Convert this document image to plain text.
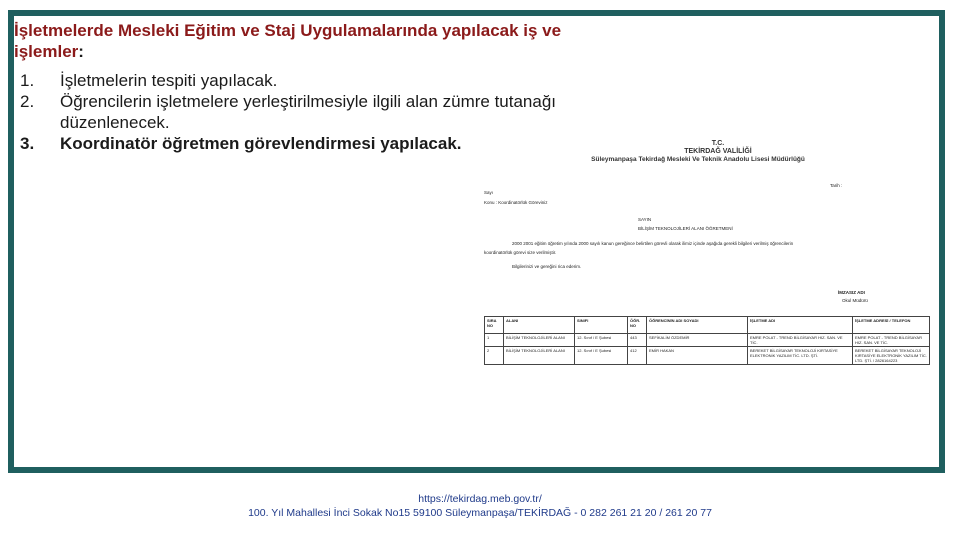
İşletmelerde Mesleki Eğitim ve Staj Uygulamalarında yapılacak iş ve işlemler:
1. İşletmelerin tespiti yapılacak.
2. Öğrencilerin işletmelere yerleştirilmesiyle ilgili alan zümre tutanağı düzenlenecek.
3. Koordinatör öğretmen görevlendirmesi yapılacak.	T.C.
TEKİRDAĞ VALİLİĞİ
Süleymanpaşa Tekirdağ Mesleki Ve Teknik Anadolu Lisesi Müdürlüğü
Tarih :
Sayı
Konu : Koordinatörlük Göreviniz
SAYIN
BİLİŞİM TEKNOLOJİLERİ ALANI ÖĞRETMENİ
2000 2001 eğitim öğretim yılında 2000 sayılı kanun gereğince belirtilen görevli olarak ilimiz içinde aşağıda gerekli bilgileri verilmiş öğrencilerin
koordinatörlük görevi size verilmiştir.
Bilgilerinizi ve gereğini rica ederim.
İMZASIZ ADI
Okul Müdürü
SIRA NO	ALANI	SINIFI	ÖĞR. NO	ÖĞRENCİNİN ADI SOYADI	İŞLETME ADI	İŞLETME ADRESİ / TELEFON
1	BİLİŞİM TEKNOLOJİLERİ ALANI	12. Sınıf / E Şubesi	443	SEFİKALİM ÖZDEMİR	EMRE POLAT - TREND BİLGİSAYAR HIZ. SAN. VE TİC.	EMRE POLAT - TREND BİLGİSAYAR HIZ. SAN. VE TİC.
2	BİLİŞİM TEKNOLOJİLERİ ALANI	12. Sınıf / E Şubesi	412	EMİR HAKAN	BEREKET BİLGİSAYAR TEKNOLOJİ KIRTASİYE ELEKTRONİK YAZILIM TİC. LTD. ŞTİ.	BEREKET BİLGİSAYAR TEKNOLOJİ KIRTASİYE ELEKTRONİK YAZILIM TİC. LTD. ŞTİ. / 2826164223
https://tekirdag.meb.gov.tr/
100. Yıl Mahallesi İnci Sokak No15 59100 Süleymanpaşa/TEKİRDAĞ - 0 282 261 21 20 / 261 20 77
